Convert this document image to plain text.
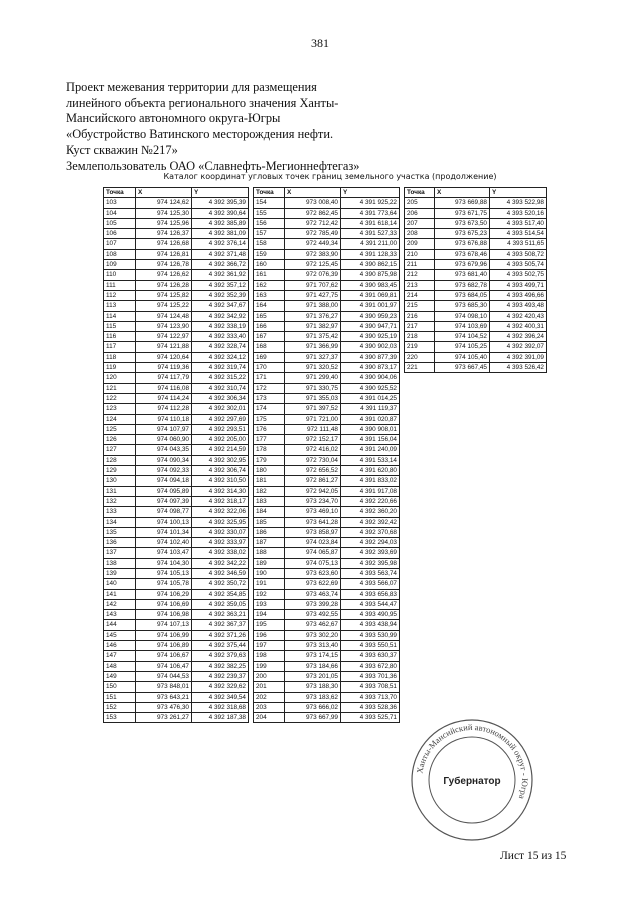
381
Проект межевания территории для размещения
линейного объекта регионального значения Ханты-
Мансийского автономного округа-Югры
«Обустройство Ватинского месторождения нефти.
Куст скважин №217»
Землепользователь ОАО «Славнефть-Мегионнефтегаз»
Каталог координат угловых точек границ земельного участка (продолжение)
Точка	X	Y
103	974 124,62	4 392 395,39
104	974 125,30	4 392 390,64
105	974 125,96	4 392 385,89
106	974 126,37	4 392 381,09
107	974 126,68	4 392 376,14
108	974 126,81	4 392 371,48
109	974 126,78	4 392 366,72
110	974 126,62	4 392 361,92
111	974 126,28	4 392 357,12
112	974 125,82	4 392 352,39
113	974 125,22	4 392 347,67
114	974 124,48	4 392 342,92
115	974 123,90	4 392 338,19
116	974 122,97	4 392 333,40
117	974 121,88	4 392 328,74
118	974 120,64	4 392 324,12
119	974 119,36	4 392 319,74
120	974 117,79	4 392 315,22
121	974 116,08	4 392 310,74
122	974 114,24	4 392 306,34
123	974 112,28	4 392 302,01
124	974 110,18	4 392 297,69
125	974 107,97	4 392 293,51
126	974 060,90	4 392 205,00
127	974 043,35	4 392 214,59
128	974 090,34	4 392 302,95
129	974 092,33	4 392 306,74
130	974 094,18	4 392 310,50
131	974 095,89	4 392 314,30
132	974 097,39	4 392 318,17
133	974 098,77	4 392 322,06
134	974 100,13	4 392 325,95
135	974 101,34	4 392 330,07
136	974 102,40	4 392 333,97
137	974 103,47	4 392 338,02
138	974 104,30	4 392 342,22
139	974 105,13	4 392 346,59
140	974 105,78	4 392 350,72
141	974 106,29	4 392 354,85
142	974 106,69	4 392 359,05
143	974 106,98	4 392 363,21
144	974 107,13	4 392 367,37
145	974 106,99	4 392 371,26
146	974 106,89	4 392 375,44
147	974 106,67	4 392 379,63
148	974 106,47	4 392 382,25
149	974 044,53	4 392 239,37
150	973 848,01	4 392 329,62
151	973 643,21	4 392 349,54
152	973 476,30	4 392 318,68
153	973 261,27	4 392 187,38
Точка	X	Y
154	973 008,40	4 391 925,22
155	972 862,45	4 391 773,64
156	972 712,42	4 391 618,14
157	972 785,49	4 391 527,33
158	972 449,34	4 391 211,00
159	972 383,90	4 391 128,33
160	972 125,45	4 390 862,15
161	972 076,39	4 390 875,98
162	971 707,62	4 390 983,45
163	971 427,75	4 391 069,81
164	971 388,00	4 391 001,97
165	971 376,27	4 390 959,23
166	971 382,97	4 390 947,71
167	971 375,42	4 390 925,19
168	971 366,99	4 390 902,03
169	971 327,37	4 390 877,39
170	971 320,52	4 390 873,17
171	971 299,40	4 390 904,06
172	971 330,75	4 390 925,52
173	971 355,03	4 391 014,25
174	971 397,52	4 391 119,37
175	971 721,00	4 391 020,87
176	972 111,48	4 390 908,01
177	972 152,17	4 391 156,04
178	972 416,02	4 391 240,09
179	972 730,04	4 391 533,14
180	972 656,52	4 391 620,80
181	972 861,27	4 391 833,02
182	972 942,05	4 391 917,08
183	973 234,70	4 392 220,66
184	973 469,10	4 392 360,20
185	973 641,28	4 392 392,42
186	973 858,97	4 392 370,68
187	974 023,84	4 392 294,03
188	974 065,87	4 392 393,69
189	974 075,13	4 392 395,98
190	973 623,60	4 393 563,74
191	973 622,69	4 393 566,07
192	973 463,74	4 393 656,83
193	973 399,28	4 393 544,47
194	973 492,55	4 393 490,95
195	973 462,67	4 393 438,94
196	973 302,20	4 393 530,99
197	973 313,40	4 393 550,51
198	973 174,15	4 393 630,37
199	973 184,66	4 393 672,80
200	973 201,05	4 393 701,36
201	973 188,30	4 393 708,51
202	973 183,62	4 393 713,70
203	973 666,02	4 393 528,36
204	973 667,99	4 393 525,71
Точка	X	Y
205	973 669,88	4 393 522,98
206	973 671,75	4 393 520,16
207	973 673,50	4 393 517,40
208	973 675,23	4 393 514,54
209	973 676,88	4 393 511,65
210	973 678,46	4 393 508,72
211	973 679,96	4 393 505,74
212	973 681,40	4 393 502,75
213	973 682,78	4 393 499,71
214	973 684,05	4 393 496,66
215	973 685,30	4 393 493,48
216	974 098,10	4 392 420,43
217	974 103,69	4 392 400,31
218	974 104,52	4 392 396,24
219	974 105,25	4 392 392,07
220	974 105,40	4 392 391,09
221	973 667,45	4 393 526,42
Ханты-Мансийский автономный округ - Югра
Губернатор
Лист 15 из 15
